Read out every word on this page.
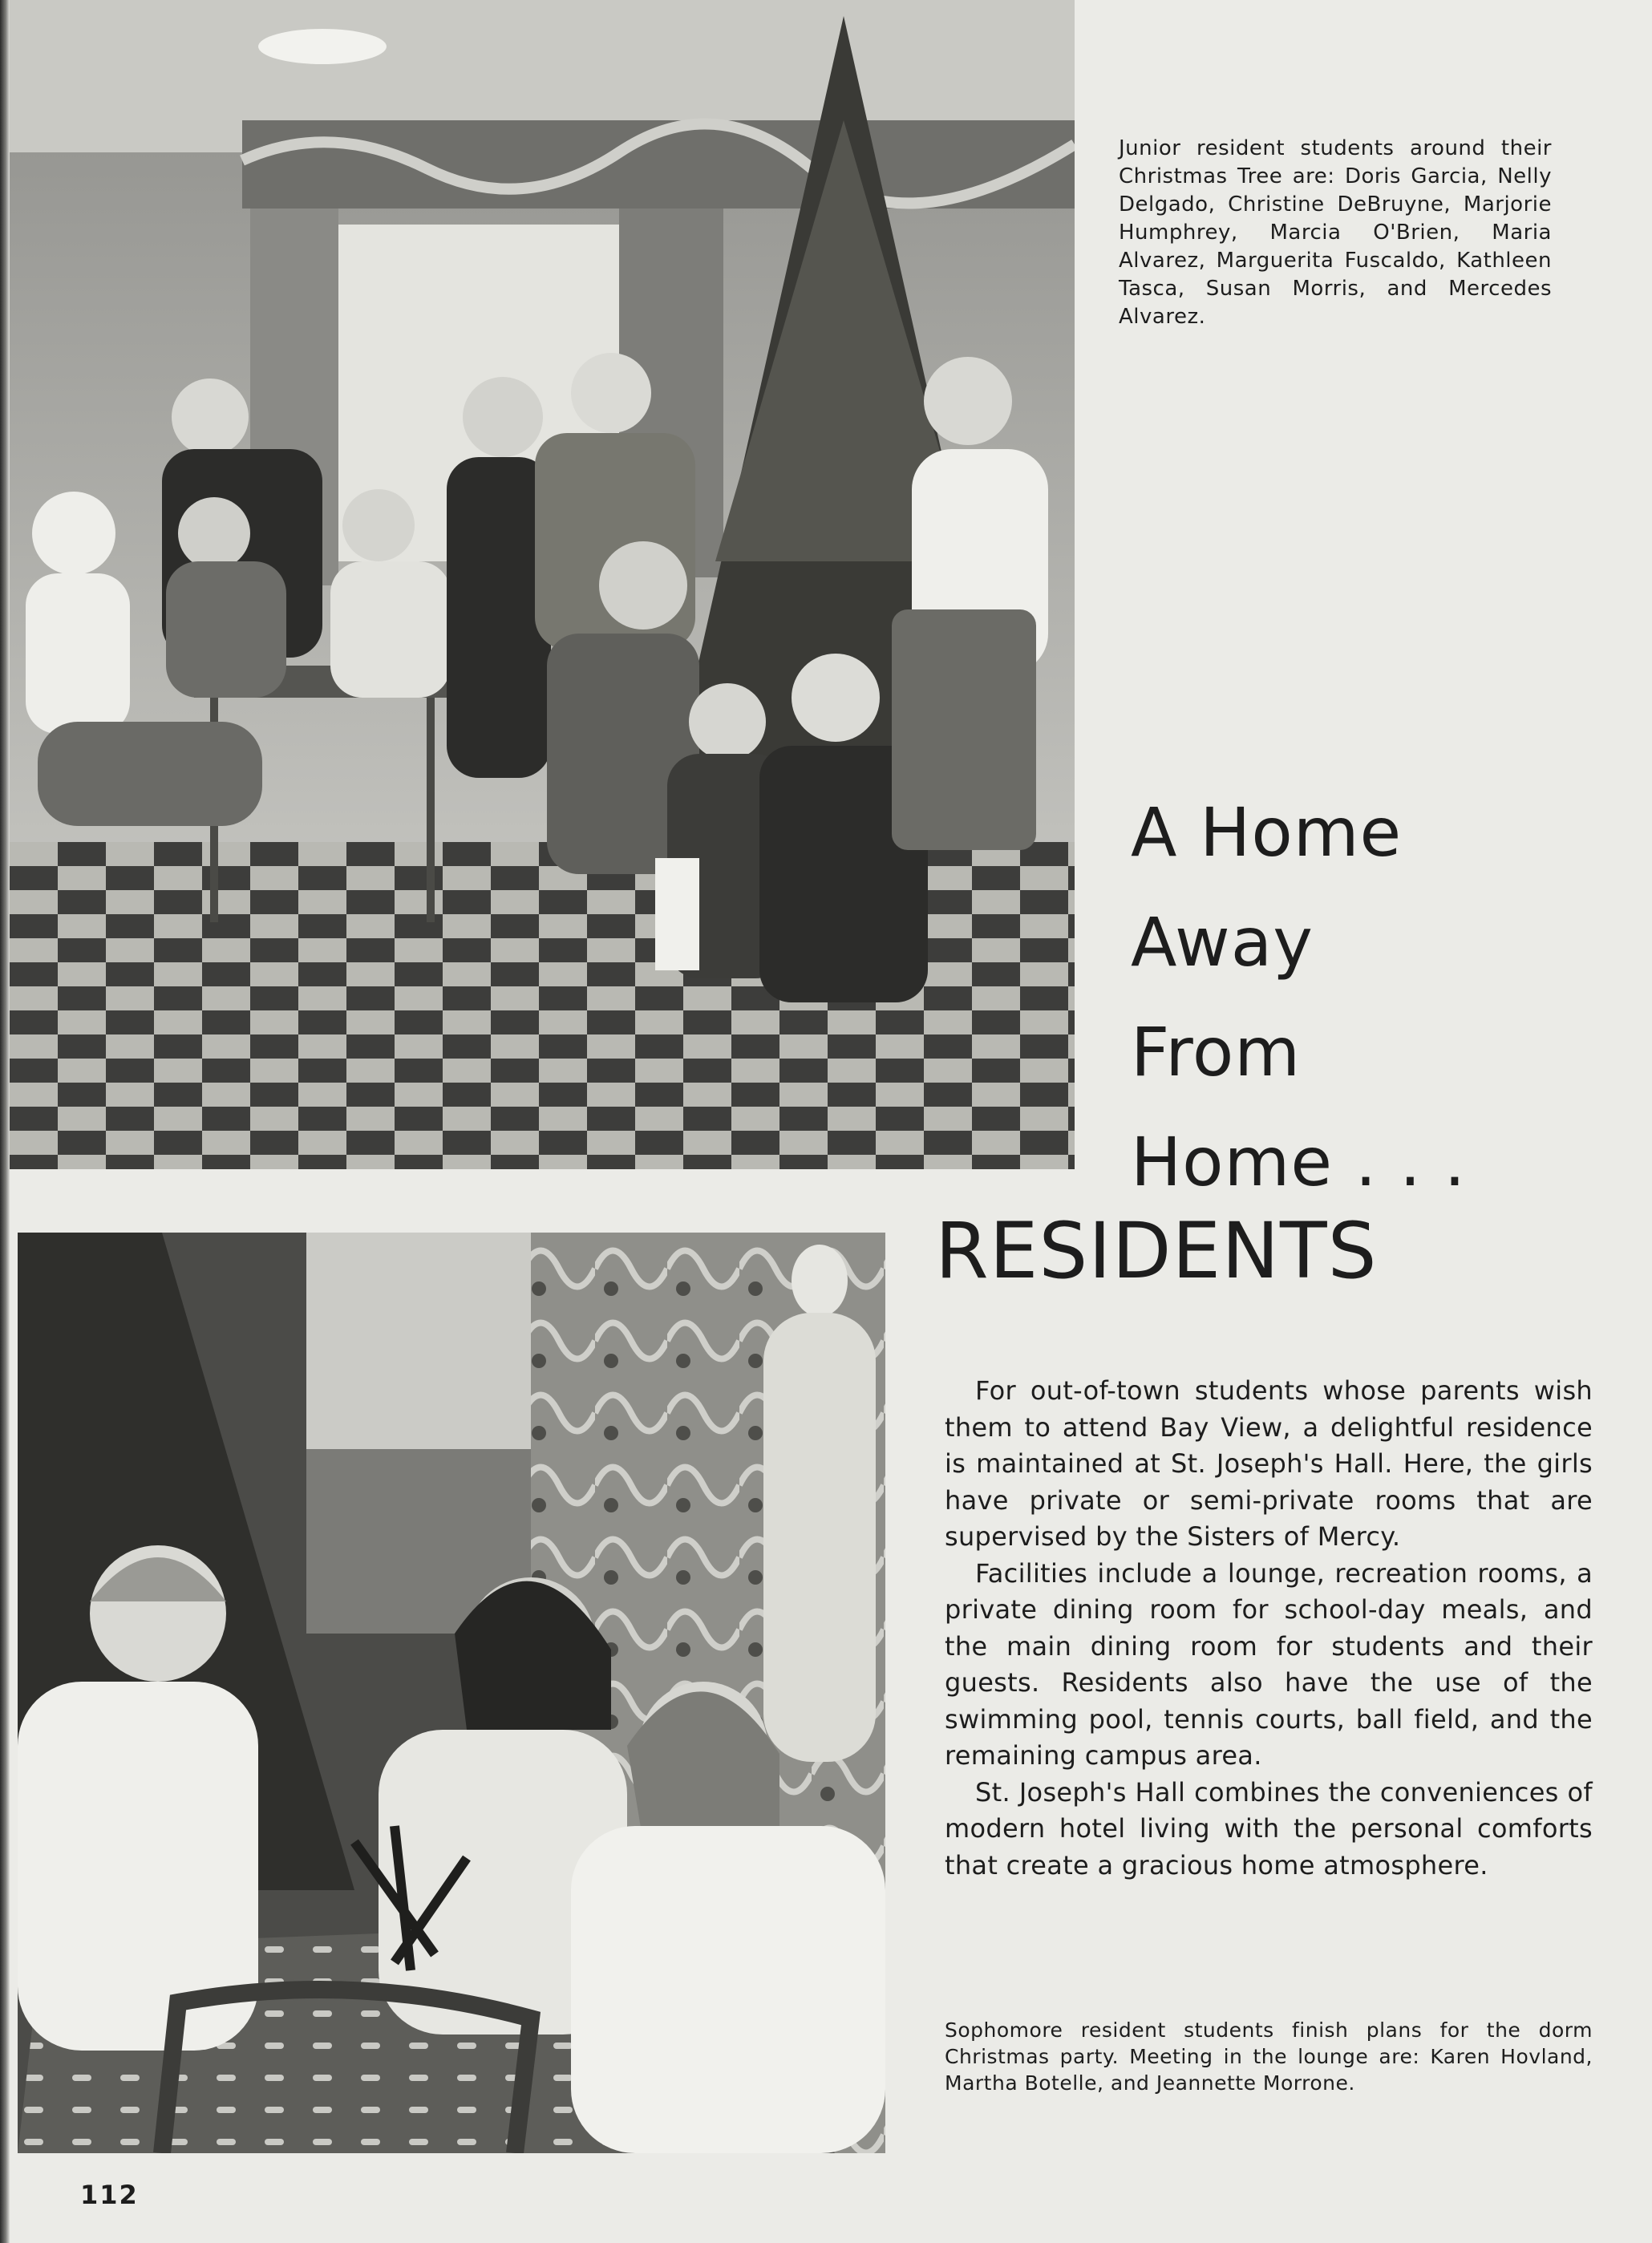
Junior resident students around their Christmas Tree are: Doris Garcia, Nelly Delgado, Christine DeBruyne, Marjorie Humphrey, Marcia O'Brien, Maria Alvarez, Marguerita Fuscaldo, Kathleen Tasca, Susan Morris, and Mercedes Alvarez.
A Home
Away
From
Home . . .
RESIDENTS

For out-of-town students whose parents wish them to attend Bay View, a delightful residence is maintained at St. Joseph's Hall. Here, the girls have private or semi-private rooms that are supervised by the Sisters of Mercy.

Facilities include a lounge, recreation rooms, a private dining room for school-day meals, and the main dining room for students and their guests. Residents also have the use of the swimming pool, tennis courts, ball field, and the remaining campus area.

St. Joseph's Hall combines the conveniences of modern hotel living with the personal comforts that create a gracious home atmosphere.

Sophomore resident students finish plans for the dorm Christmas party. Meeting in the lounge are: Karen Hovland, Martha Botelle, and Jeannette Morrone.
112
